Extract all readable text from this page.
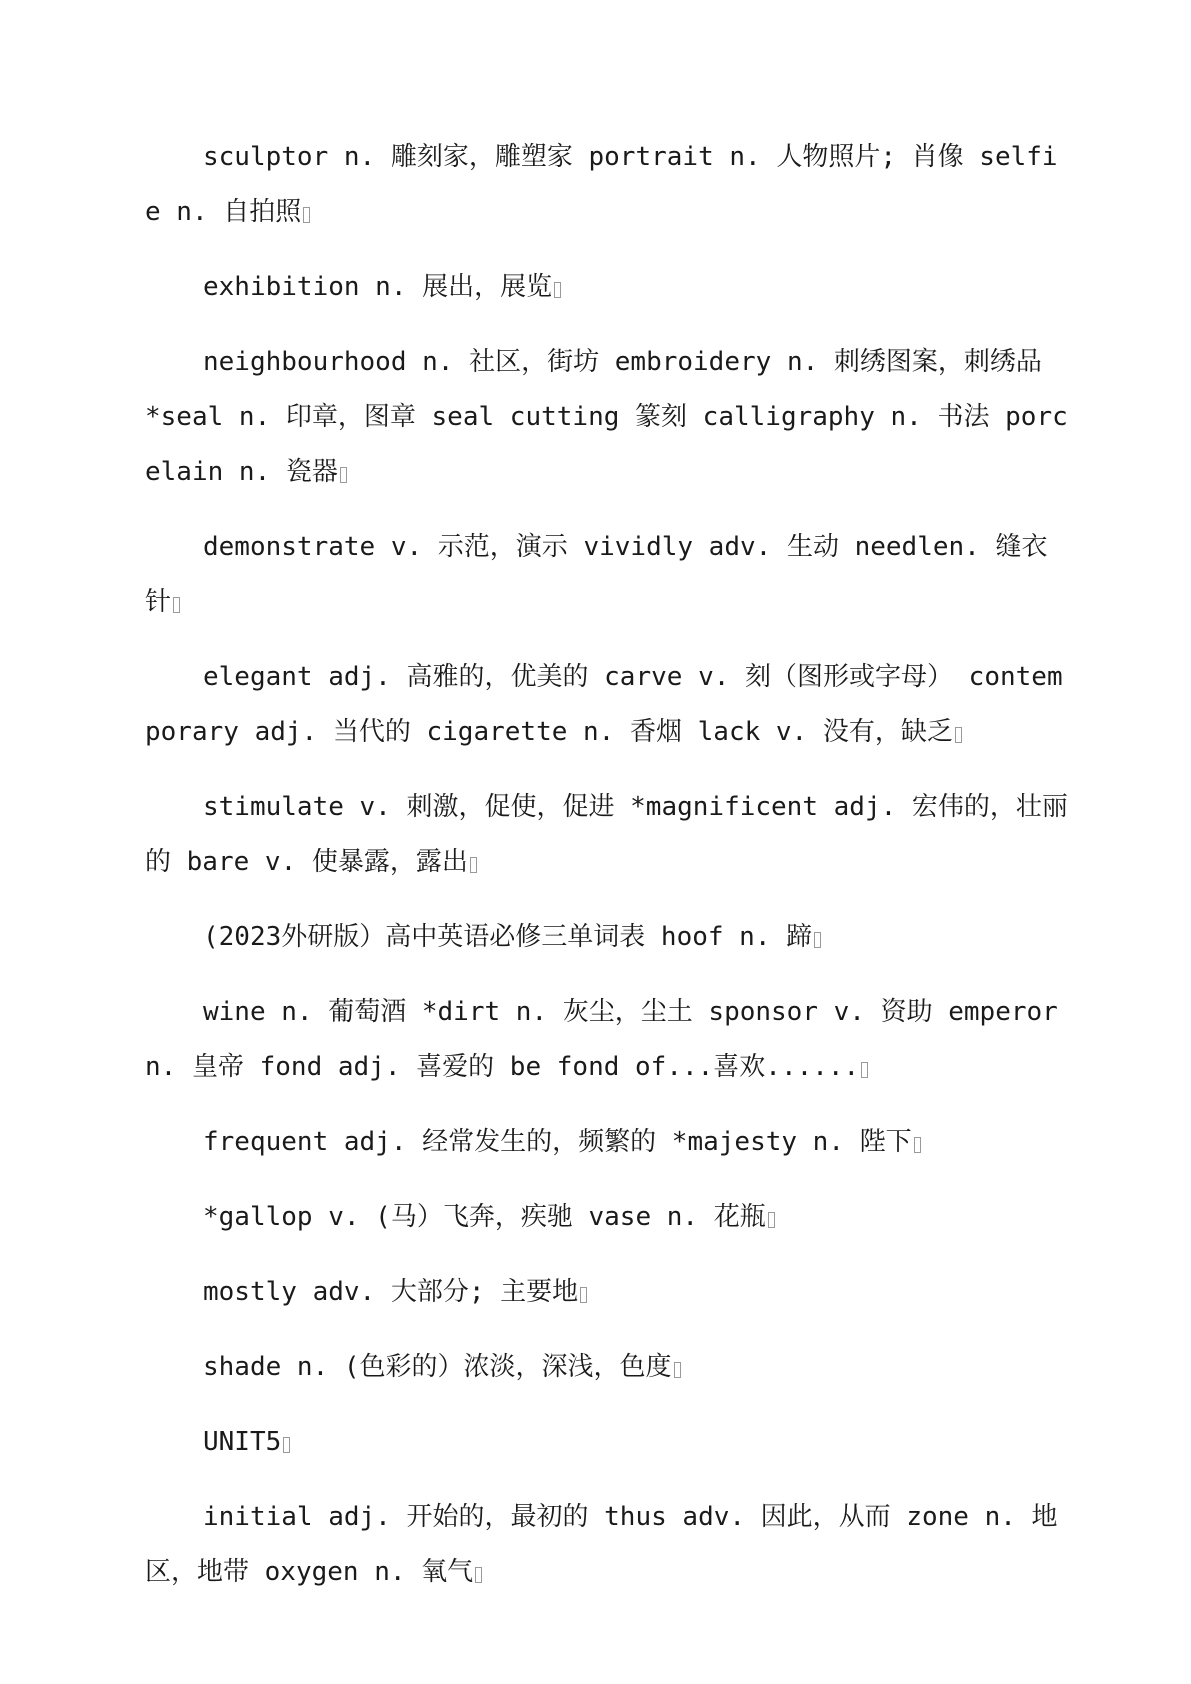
sculptor n. 雕刻家，雕塑家 portrait n. 人物照片; 肖像 selfie n. 自拍照

exhibition n. 展出，展览

neighbourhood n. 社区，街坊 embroidery n. 刺绣图案，刺绣品 *seal n. 印章，图章 seal cutting 篆刻 calligraphy n. 书法 porcelain n. 瓷器

demonstrate v. 示范，演示 vividly adv. 生动 needlen. 缝衣针

elegant adj. 高雅的，优美的 carve v. 刻（图形或字母） contemporary adj. 当代的 cigarette n. 香烟 lack v. 没有，缺乏

stimulate v. 刺激，促使，促进 *magnificent adj. 宏伟的，壮丽的 bare v. 使暴露，露出

(2023外研版）高中英语必修三单词表 hoof n. 蹄

wine n. 葡萄酒 *dirt n. 灰尘，尘土 sponsor v. 资助 emperor n. 皇帝 fond adj. 喜爱的 be fond of...喜欢......

frequent adj. 经常发生的，频繁的 *majesty n. 陛下

*gallop v. (马）飞奔，疾驰 vase n. 花瓶

mostly adv. 大部分; 主要地

shade n. (色彩的）浓淡，深浅，色度

UNIT5

initial adj. 开始的，最初的 thus adv. 因此，从而 zone n. 地区，地带 oxygen n. 氧气
